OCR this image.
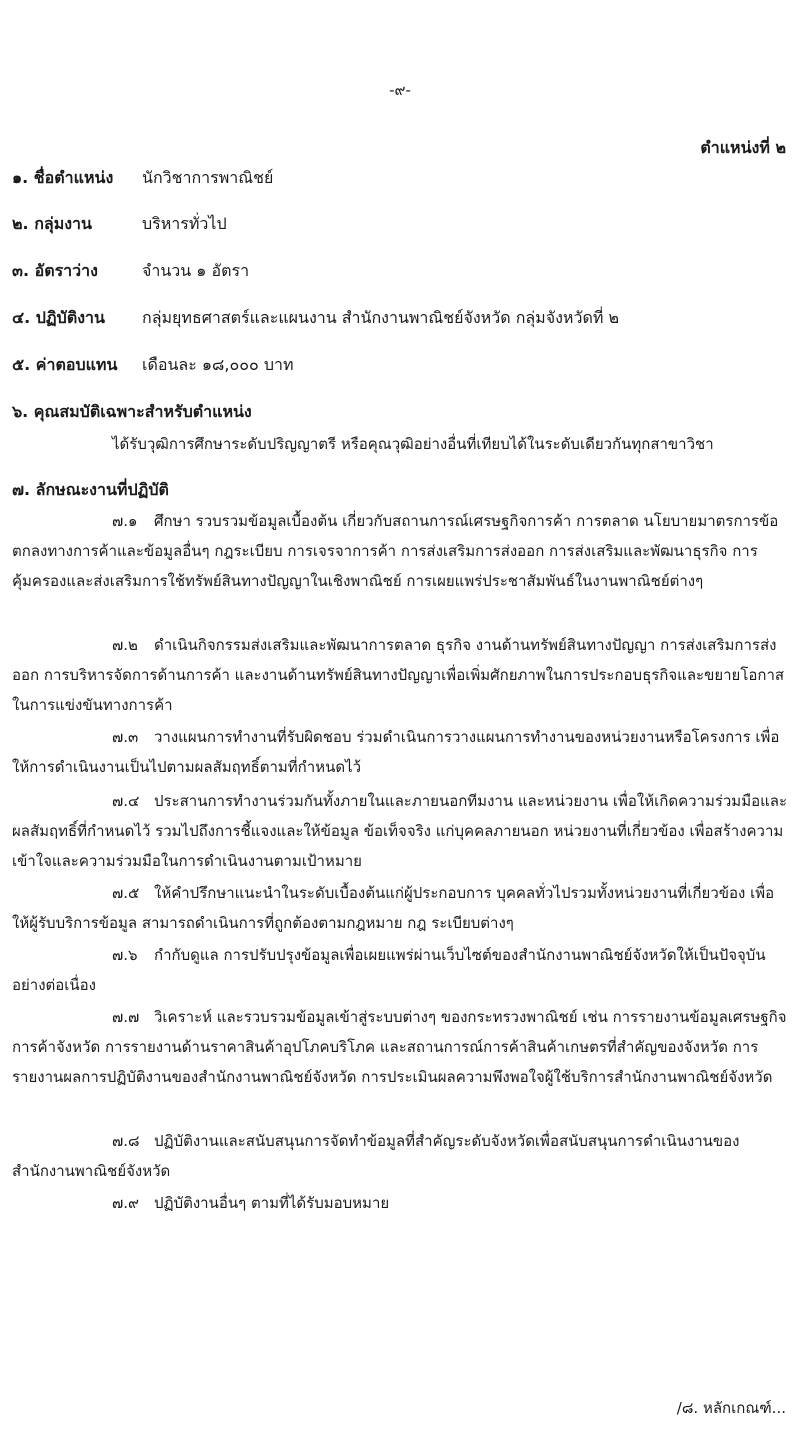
-๙-
ตำแหน่งที่ ๒
๑. ชื่อตำแหน่ง นักวิชาการพาณิชย์
๒. กลุ่มงาน	บริหารทั่วไป
๓. อัตราว่าง	จำนวน ๑ อัตรา
๔. ปฏิบัติงาน กลุ่มยุทธศาสตร์และแผนงาน สำนักงานพาณิชย์จังหวัด กลุ่มจังหวัดที่ ๒
๕. ค่าตอบแทน เดือนละ ๑๘,๐๐๐ บาท
๖. คุณสมบัติเฉพาะสำหรับตำแหน่ง
ได้รับวุฒิการศึกษาระดับปริญญาตรี หรือคุณวุฒิอย่างอื่นที่เทียบได้ในระดับเดียวกันทุกสาขาวิชา
๗. ลักษณะงานที่ปฏิบัติ
๗.๑ ศึกษา รวบรวมข้อมูลเบื้องต้น เกี่ยวกับสถานการณ์เศรษฐกิจการค้า การตลาด นโยบายมาตรการข้อตกลงทางการค้าและข้อมูลอื่นๆ กฎระเบียบ การเจรจาการค้า การส่งเสริมการส่งออก การส่งเสริมและพัฒนาธุรกิจ การคุ้มครองและส่งเสริมการใช้ทรัพย์สินทางปัญญาในเชิงพาณิชย์ การเผยแพร่ประชาสัมพันธ์ในงานพาณิชย์ต่างๆ
๗.๒ ดำเนินกิจกรรมส่งเสริมและพัฒนาการตลาด ธุรกิจ งานด้านทรัพย์สินทางปัญญา การส่งเสริมการส่งออก การบริหารจัดการด้านการค้า และงานด้านทรัพย์สินทางปัญญาเพื่อเพิ่มศักยภาพในการประกอบธุรกิจและขยายโอกาสในการแข่งขันทางการค้า
๗.๓ วางแผนการทำงานที่รับผิดชอบ ร่วมดำเนินการวางแผนการทำงานของหน่วยงานหรือโครงการ เพื่อให้การดำเนินงานเป็นไปตามผลสัมฤทธิ์ตามที่กำหนดไว้
๗.๔ ประสานการทำงานร่วมกันทั้งภายในและภายนอกทีมงาน และหน่วยงาน เพื่อให้เกิดความร่วมมือและผลสัมฤทธิ์ที่กำหนดไว้ รวมไปถึงการชี้แจงและให้ข้อมูล ข้อเท็จจริง แก่บุคคลภายนอก หน่วยงานที่เกี่ยวข้อง เพื่อสร้างความเข้าใจและความร่วมมือในการดำเนินงานตามเป้าหมาย
๗.๕ ให้คำปรึกษาแนะนำในระดับเบื้องต้นแก่ผู้ประกอบการ บุคคลทั่วไปรวมทั้งหน่วยงานที่เกี่ยวข้อง เพื่อให้ผู้รับบริการข้อมูล สามารถดำเนินการที่ถูกต้องตามกฎหมาย กฎ ระเบียบต่างๆ
๗.๖ กำกับดูแล การปรับปรุงข้อมูลเพื่อเผยแพร่ผ่านเว็บไซต์ของสำนักงานพาณิชย์จังหวัดให้เป็นปัจจุบันอย่างต่อเนื่อง
๗.๗ วิเคราะห์ และรวบรวมข้อมูลเข้าสู่ระบบต่างๆ ของกระทรวงพาณิชย์ เช่น การรายงานข้อมูลเศรษฐกิจการค้าจังหวัด การรายงานด้านราคาสินค้าอุปโภคบริโภค และสถานการณ์การค้าสินค้าเกษตรที่สำคัญของจังหวัด การรายงานผลการปฏิบัติงานของสำนักงานพาณิชย์จังหวัด การประเมินผลความพึงพอใจผู้ใช้บริการสำนักงานพาณิชย์จังหวัด
๗.๘ ปฏิบัติงานและสนับสนุนการจัดทำข้อมูลที่สำคัญระดับจังหวัดเพื่อสนับสนุนการดำเนินงานของสำนักงานพาณิชย์จังหวัด
๗.๙ ปฏิบัติงานอื่นๆ ตามที่ได้รับมอบหมาย
/๘. หลักเกณฑ์...
